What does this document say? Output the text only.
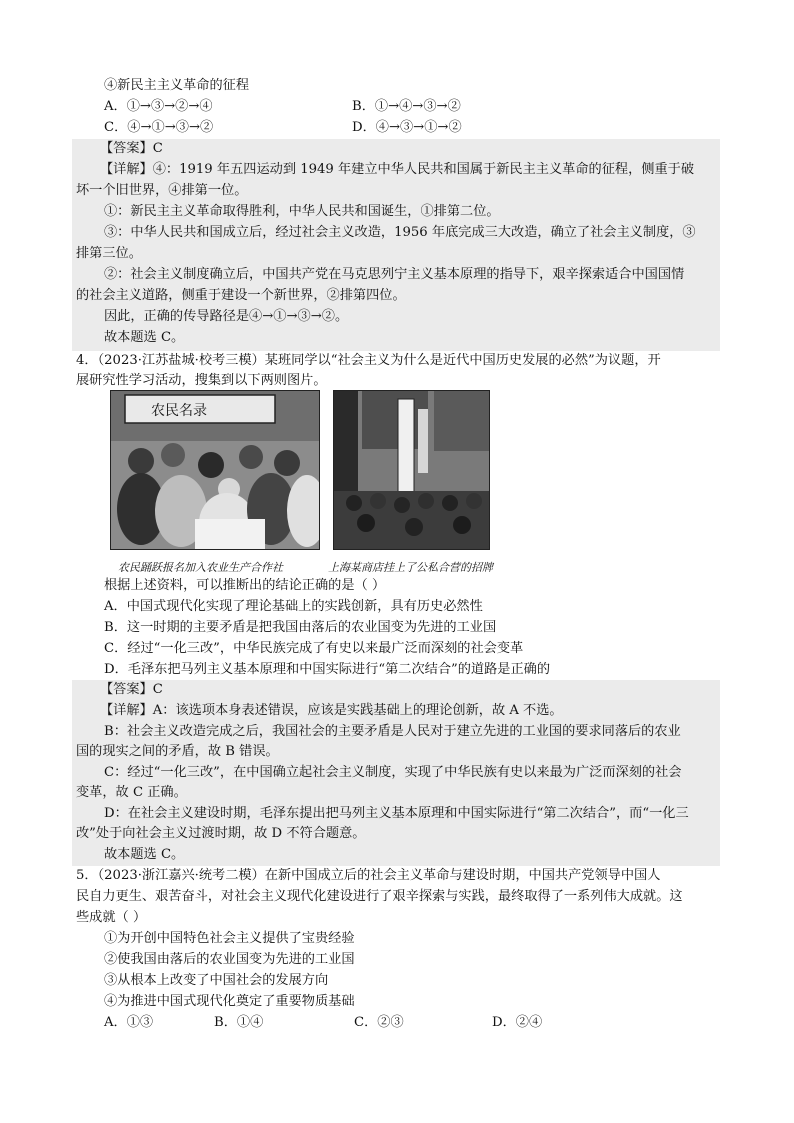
④新民主主义革命的征程
A．①→③→②→④	B．①→④→③→②
C．④→①→③→②	D．④→③→①→②
【答案】C
【详解】④：1919 年五四运动到 1949 年建立中华人民共和国属于新民主主义革命的征程，侧重于破
坏一个旧世界，④排第一位。
①：新民主主义革命取得胜利，中华人民共和国诞生，①排第二位。
③：中华人民共和国成立后，经过社会主义改造，1956 年底完成三大改造，确立了社会主义制度，③
排第三位。
②：社会主义制度确立后，中国共产党在马克思列宁主义基本原理的指导下，艰辛探索适合中国国情
的社会主义道路，侧重于建设一个新世界，②排第四位。
因此，正确的传导路径是④→①→③→②。
故本题选 C。
4．（2023·江苏盐城·校考三模）某班同学以“社会主义为什么是近代中国历史发展的必然”为议题，开
展研究性学习活动，搜集到以下两则图片。
农民名录
农民踊跃报名加入农业生产合作社	上海某商店挂上了公私合营的招牌
根据上述资料，可以推断出的结论正确的是（ ）
A．中国式现代化实现了理论基础上的实践创新，具有历史必然性
B．这一时期的主要矛盾是把我国由落后的农业国变为先进的工业国
C．经过“一化三改”，中华民族完成了有史以来最广泛而深刻的社会变革
D．毛泽东把马列主义基本原理和中国实际进行“第二次结合”的道路是正确的
【答案】C
【详解】A：该选项本身表述错误，应该是实践基础上的理论创新，故 A 不选。
B：社会主义改造完成之后，我国社会的主要矛盾是人民对于建立先进的工业国的要求同落后的农业
国的现实之间的矛盾，故 B 错误。
C：经过“一化三改”，在中国确立起社会主义制度，实现了中华民族有史以来最为广泛而深刻的社会
变革，故 C 正确。
D：在社会主义建设时期，毛泽东提出把马列主义基本原理和中国实际进行“第二次结合”，而“一化三
改”处于向社会主义过渡时期，故 D 不符合题意。
故本题选 C。
5．（2023·浙江嘉兴·统考二模）在新中国成立后的社会主义革命与建设时期，中国共产党领导中国人
民自力更生、艰苦奋斗，对社会主义现代化建设进行了艰辛探索与实践，最终取得了一系列伟大成就。这
些成就（ ）
①为开创中国特色社会主义提供了宝贵经验
②使我国由落后的农业国变为先进的工业国
③从根本上改变了中国社会的发展方向
④为推进中国式现代化奠定了重要物质基础
A．①③	B．①④	C．②③	D．②④
